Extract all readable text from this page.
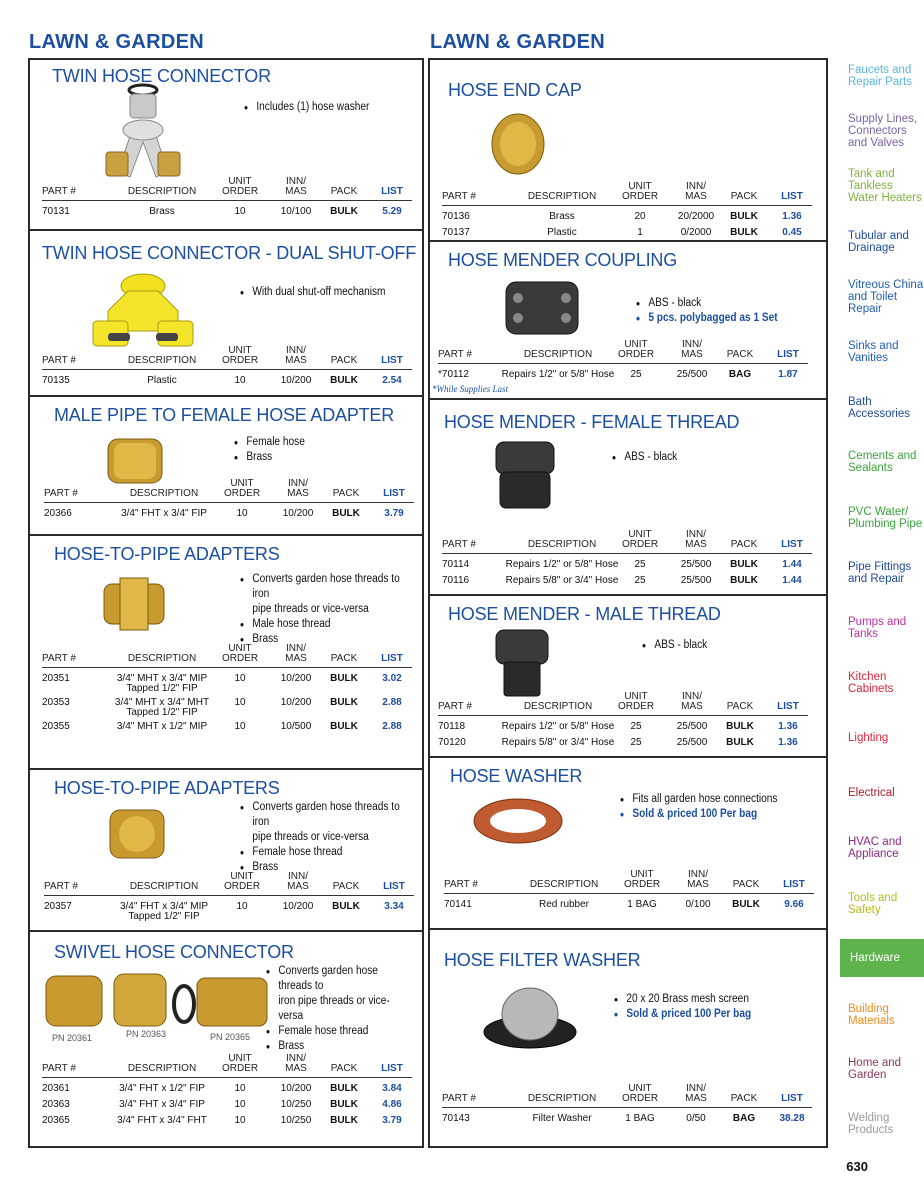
LAWN & GARDEN	LAWN & GARDEN
TWIN HOSE CONNECTOR
• Includes (1) hose washer
PART #	DESCRIPTION
UNIT
ORDER
INN/
MAS	PACK	LIST
70131	Brass	10	10/100	BULK	5.29
TWIN HOSE CONNECTOR - DUAL SHUT-OFF
• With dual shut-off mechanism
PART #	DESCRIPTION
UNIT
ORDER
INN/
MAS	PACK	LIST
70135	Plastic	10	10/200	BULK	2.54
MALE PIPE TO FEMALE HOSE ADAPTER
• Female hose
• Brass
PART #	DESCRIPTION
UNIT
ORDER
INN/
MAS	PACK	LIST
20366	3/4" FHT x 3/4" FIP	10	10/200	BULK	3.79
HOSE-TO-PIPE ADAPTERS
• Converts garden hose threads to iron
pipe threads or vice-versa
• Male hose thread
• Brass
PART #	DESCRIPTION
UNIT
ORDER
INN/
MAS	PACK	LIST
20351	3/4" MHT x 3/4" MIP
Tapped 1/2" FIP
10	10/200	BULK	3.02
20353	3/4" MHT x 3/4" MHT
Tapped 1/2" FIP
10	10/200	BULK	2.88
20355	3/4" MHT x 1/2" MIP	10	10/500	BULK	2.88
HOSE-TO-PIPE ADAPTERS
• Converts garden hose threads to iron
pipe threads or vice-versa
• Female hose thread
• Brass
PART #	DESCRIPTION
UNIT
ORDER
INN/
MAS	PACK	LIST
20357	3/4" FHT x 3/4" MIP
Tapped 1/2" FIP
10	10/200	BULK	3.34
SWIVEL HOSE CONNECTOR
PN 20361	PN 20363	PN 20365
• Converts garden hose threads to
iron pipe threads or vice-versa
• Female hose thread
• Brass
PART #	DESCRIPTION
UNIT
ORDER
INN/
MAS	PACK	LIST
20361	3/4" FHT x 1/2" FIP	10	10/200	BULK	3.84
20363	3/4" FHT x 3/4" FIP	10	10/250	BULK	4.86
20365	3/4" FHT x 3/4" FHT	10	10/250	BULK	3.79
HOSE END CAP
PART #	DESCRIPTION
UNIT
ORDER
INN/
MAS	PACK	LIST
70136	Brass	20	20/2000	BULK	1.36
70137	Plastic	1	0/2000	BULK	0.45
HOSE MENDER COUPLING
• ABS - black
• 5 pcs. polybagged as 1 Set
PART #	DESCRIPTION
UNIT
ORDER
INN/
MAS	PACK	LIST
*70112	Repairs 1/2" or 5/8" Hose	25	25/500	BAG	1.87
*While Supplies Last
HOSE MENDER - FEMALE THREAD
• ABS - black
PART #	DESCRIPTION
UNIT
ORDER
INN/
MAS	PACK	LIST
70114	Repairs 1/2" or 5/8" Hose	25	25/500	BULK	1.44
70116	Repairs 5/8" or 3/4" Hose	25	25/500	BULK	1.44
HOSE MENDER - MALE THREAD
• ABS - black
PART #	DESCRIPTION
UNIT
ORDER
INN/
MAS	PACK	LIST
70118	Repairs 1/2" or 5/8" Hose	25	25/500	BULK	1.36
70120	Repairs 5/8" or 3/4" Hose	25	25/500	BULK	1.36
HOSE WASHER
• Fits all garden hose connections
• Sold & priced 100 Per bag
PART #	DESCRIPTION
UNIT
ORDER
INN/
MAS	PACK	LIST
70141	Red rubber	1 BAG	0/100	BULK	9.66
HOSE FILTER WASHER
• 20 x 20 Brass mesh screen
• Sold & priced 100 Per bag
PART #	DESCRIPTION
UNIT
ORDER
INN/
MAS	PACK	LIST
70143	Filter Washer	1 BAG	0/50	BAG	38.28
Faucets and
Repair Parts
Supply Lines,
Connectors
and Valves
Tank and
Tankless
Water Heaters
Tubular and
Drainage
Vitreous China
and Toilet
Repair
Sinks and
Vanities
Bath
Accessories
Cements and
Sealants
PVC Water/
Plumbing Pipe
Pipe Fittings
and Repair
Pumps and
Tanks
Kitchen
Cabinets
Lighting
Electrical
HVAC and
Appliance
Tools and
Safety
Hardware
Building
Materials
Home and
Garden
Welding
Products
630
